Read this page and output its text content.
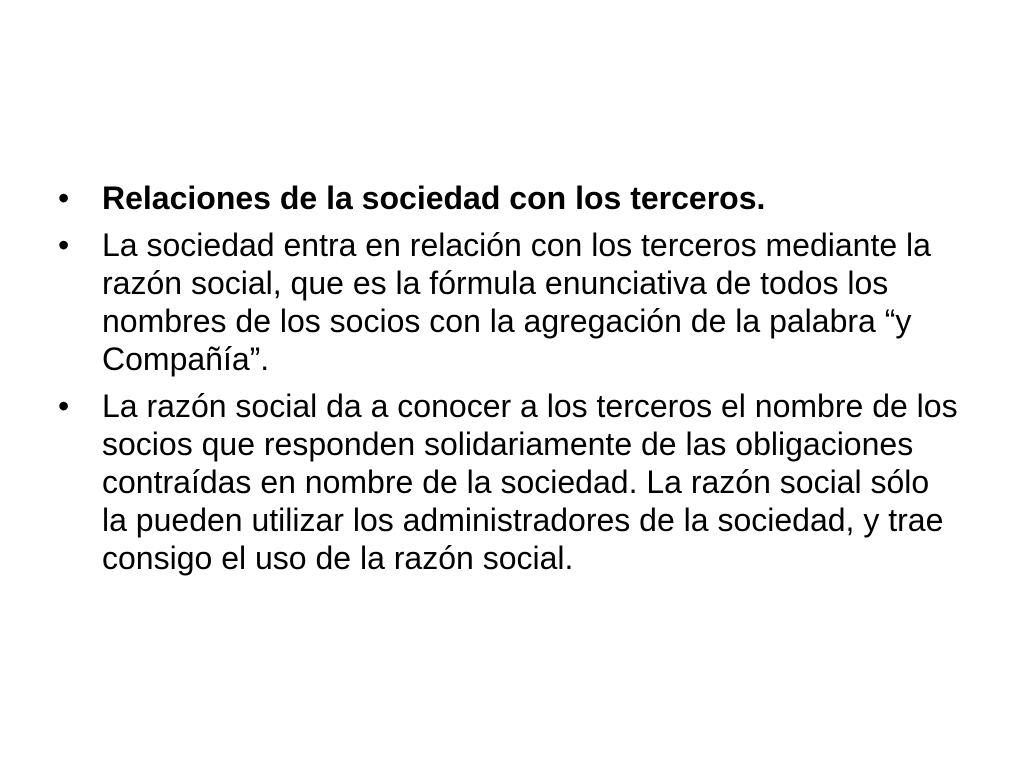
•	Relaciones de la sociedad con los terceros.
•	La sociedad entra en relación con los terceros mediante la razón social, que es la fórmula enunciativa de todos los nombres de los socios con la agregación de la palabra “y Compañía”.
•	La razón social da a conocer a los terceros el nombre de los socios que responden solidariamente de las obligaciones contraídas en nombre de la sociedad. La razón social sólo la pueden utilizar los administradores de la sociedad, y trae consigo el uso de la razón social.
